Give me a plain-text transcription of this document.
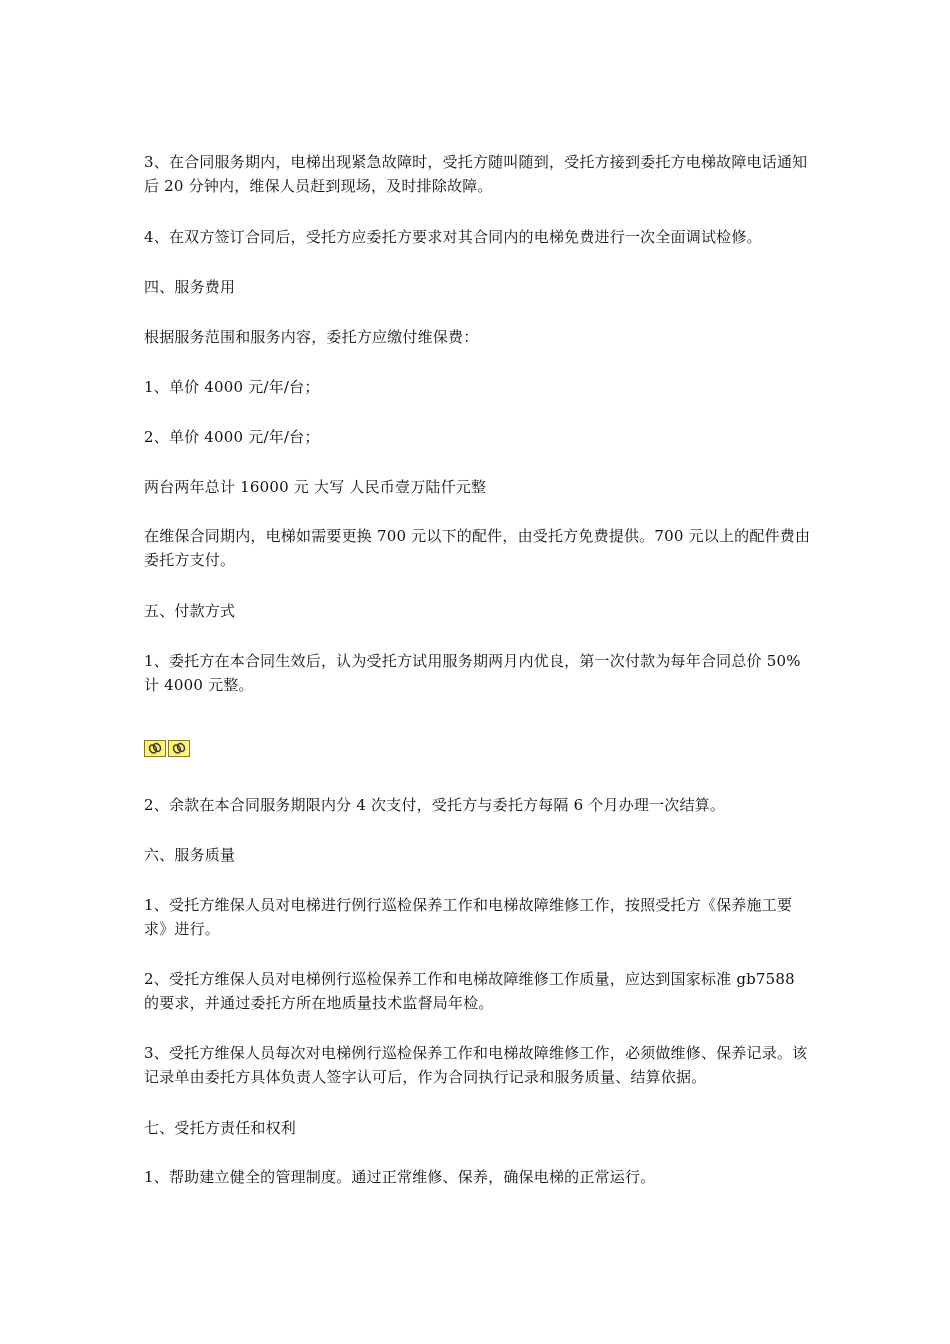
3、在合同服务期内，电梯出现紧急故障时，受托方随叫随到，受托方接到委托方电梯故障电话通知后 20 分钟内，维保人员赶到现场，及时排除故障。

4、在双方签订合同后，受托方应委托方要求对其合同内的电梯免费进行一次全面调试检修。

四、服务费用

根据服务范围和服务内容，委托方应缴付维保费：

1、单价 4000 元/年/台；

2、单价 4000 元/年/台；

两台两年总计 16000 元 大写 人民币壹万陆仟元整

在维保合同期内，电梯如需要更换 700 元以下的配件，由受托方免费提供。700 元以上的配件费由委托方支付。

五、付款方式

1、委托方在本合同生效后，认为受托方试用服务期两月内优良，第一次付款为每年合同总价 50%计 4000 元整。

2、余款在本合同服务期限内分 4 次支付，受托方与委托方每隔 6 个月办理一次结算。

六、服务质量

1、受托方维保人员对电梯进行例行巡检保养工作和电梯故障维修工作，按照受托方《保养施工要求》进行。

2、受托方维保人员对电梯例行巡检保养工作和电梯故障维修工作质量，应达到国家标准 gb7588 的要求，并通过委托方所在地质量技术监督局年检。

3、受托方维保人员每次对电梯例行巡检保养工作和电梯故障维修工作，必须做维修、保养记录。该记录单由委托方具体负责人签字认可后，作为合同执行记录和服务质量、结算依据。

七、受托方责任和权利

1、帮助建立健全的管理制度。通过正常维修、保养，确保电梯的正常运行。
